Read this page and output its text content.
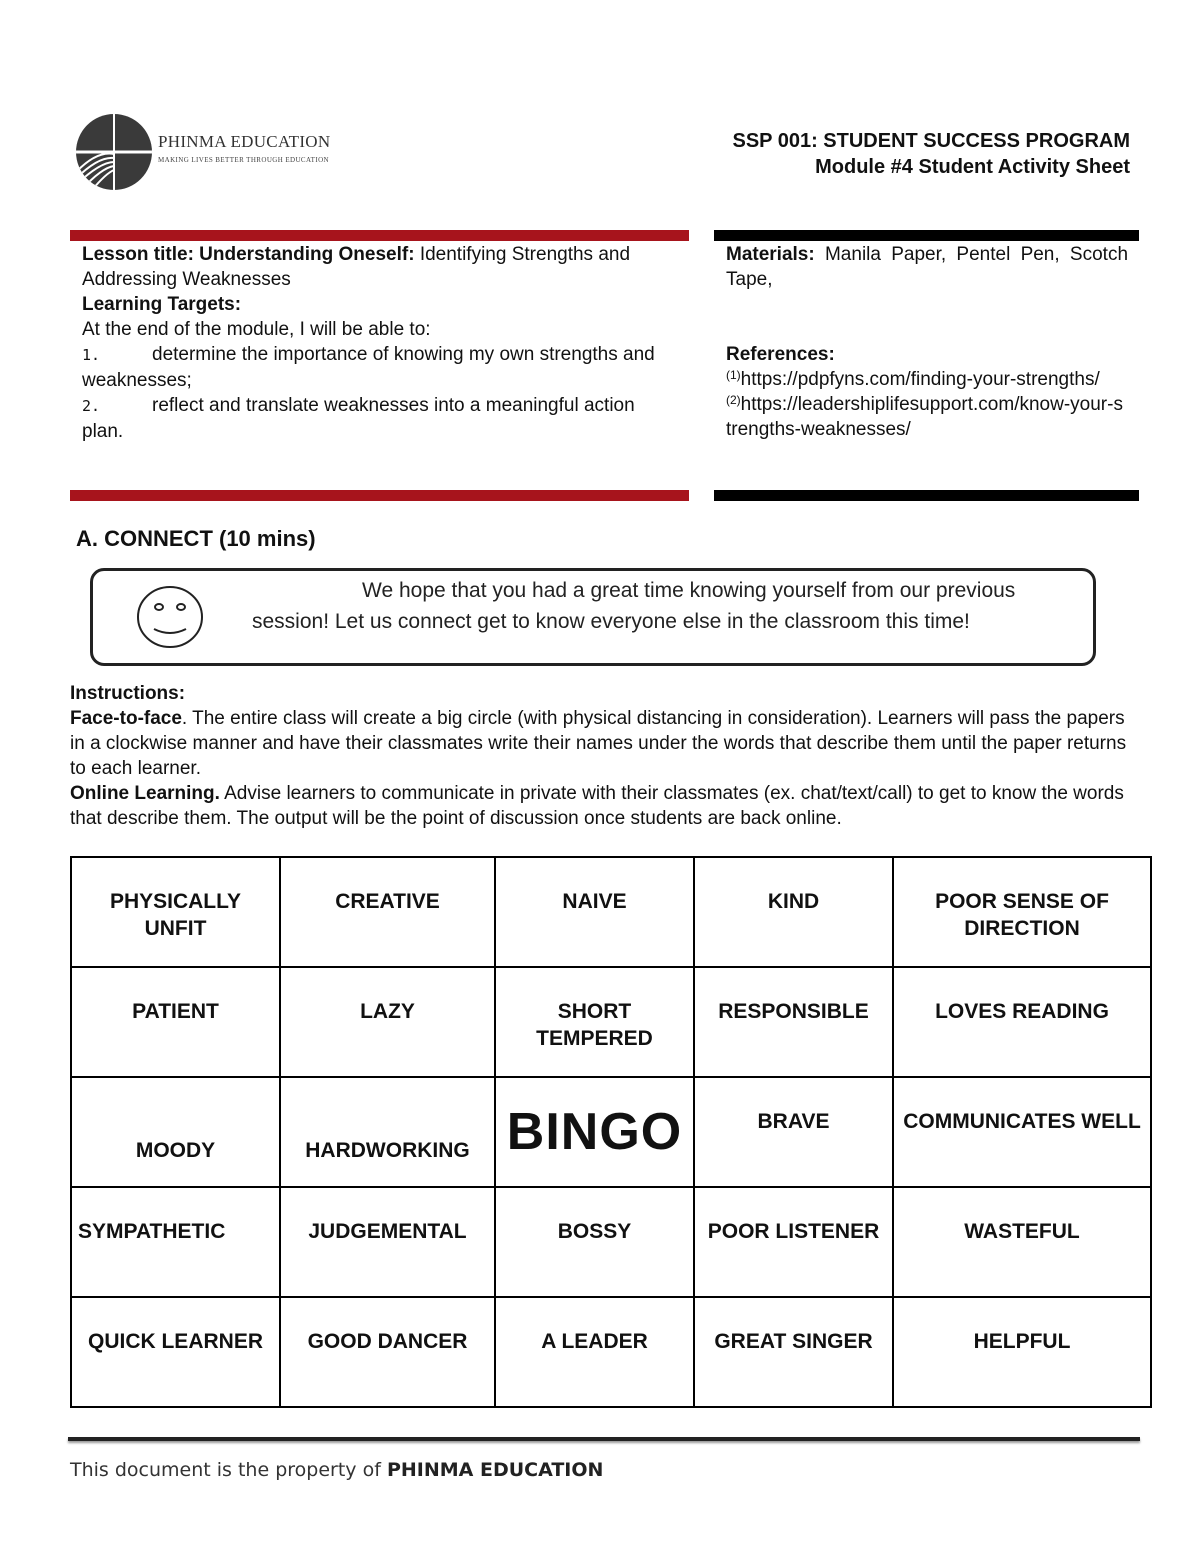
PHINMA EDUCATION
MAKING LIVES BETTER THROUGH EDUCATION
SSP 001: STUDENT SUCCESS PROGRAM
Module #4 Student Activity Sheet
Lesson title: Understanding Oneself: Identifying Strengths and Addressing Weaknesses
Learning Targets:
At the end of the module, I will be able to:
1.	determine the importance of knowing my own strengths and weaknesses;
2.	reflect and translate weaknesses into a meaningful action plan.
Materials: Manila Paper, Pentel Pen, Scotch Tape,
References:
$^{(1)}$https://pdpfyns.com/finding-your-strengths/
$^{(2)}$https://leadershiplifesupport.com/know-your-strengths-weaknesses/
A. CONNECT (10 mins)
We hope that you had a great time knowing yourself from our previous
session! Let us connect get to know everyone else in the classroom this time!
Instructions:
Face-to-face. The entire class will create a big circle (with physical distancing in consideration). Learners will pass the papers in a clockwise manner and have their classmates write their names under the words that describe them until the paper returns to each learner.
Online Learning. Advise learners to communicate in private with their classmates (ex. chat/text/call) to get to know the words that describe them. The output will be the point of discussion once students are back online.
PHYSICALLY UNFIT	CREATIVE	NAIVE	KIND	POOR SENSE OF DIRECTION
PATIENT	LAZY	SHORT TEMPERED	RESPONSIBLE	LOVES READING
MOODY	HARDWORKING	BINGO	BRAVE	COMMUNICATES WELL
SYMPATHETIC	JUDGEMENTAL	BOSSY	POOR LISTENER	WASTEFUL
QUICK LEARNER	GOOD DANCER	A LEADER	GREAT SINGER	HELPFUL
This document is the property of PHINMA EDUCATION
